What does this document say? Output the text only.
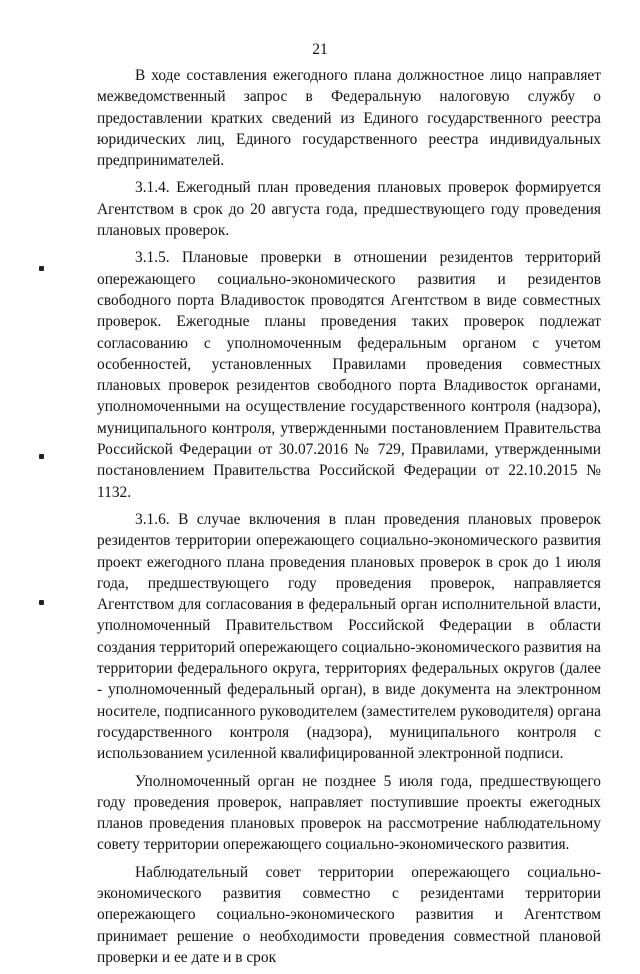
21

В ходе составления ежегодного плана должностное лицо направляет межведомственный запрос в Федеральную налоговую службу о предоставлении кратких сведений из Единого государственного реестра юридических лиц, Единого государственного реестра индивидуальных предпринимателей.

3.1.4. Ежегодный план проведения плановых проверок формируется Агентством в срок до 20 августа года, предшествующего году проведения плановых проверок.

3.1.5. Плановые проверки в отношении резидентов территорий опережающего социально-экономического развития и резидентов свободного порта Владивосток проводятся Агентством в виде совместных проверок. Ежегодные планы проведения таких проверок подлежат согласованию с уполномоченным федеральным органом с учетом особенностей, установленных Правилами проведения совместных плановых проверок резидентов свободного порта Владивосток органами, уполномоченными на осуществление государственного контроля (надзора), муниципального контроля, утвержденными постановлением Правительства Российской Федерации от 30.07.2016 № 729, Правилами, утвержденными постановлением Правительства Российской Федерации от 22.10.2015 № 1132.

3.1.6. В случае включения в план проведения плановых проверок резидентов территории опережающего социально-экономического развития проект ежегодного плана проведения плановых проверок в срок до 1 июля года, предшествующего году проведения проверок, направляется Агентством для согласования в федеральный орган исполнительной власти, уполномоченный Правительством Российской Федерации в области создания территорий опережающего социально-экономического развития на территории федерального округа, территориях федеральных округов (далее - уполномоченный федеральный орган), в виде документа на электронном носителе, подписанного руководителем (заместителем руководителя) органа государственного контроля (надзора), муниципального контроля с использованием усиленной квалифицированной электронной подписи.

Уполномоченный орган не позднее 5 июля года, предшествующего году проведения проверок, направляет поступившие проекты ежегодных планов проведения плановых проверок на рассмотрение наблюдательному совету территории опережающего социально-экономического развития.

Наблюдательный совет территории опережающего социально-экономического развития совместно с резидентами территории опережающего социально-экономического развития и Агентством принимает решение о необходимости проведения совместной плановой проверки и ее дате и в срок
